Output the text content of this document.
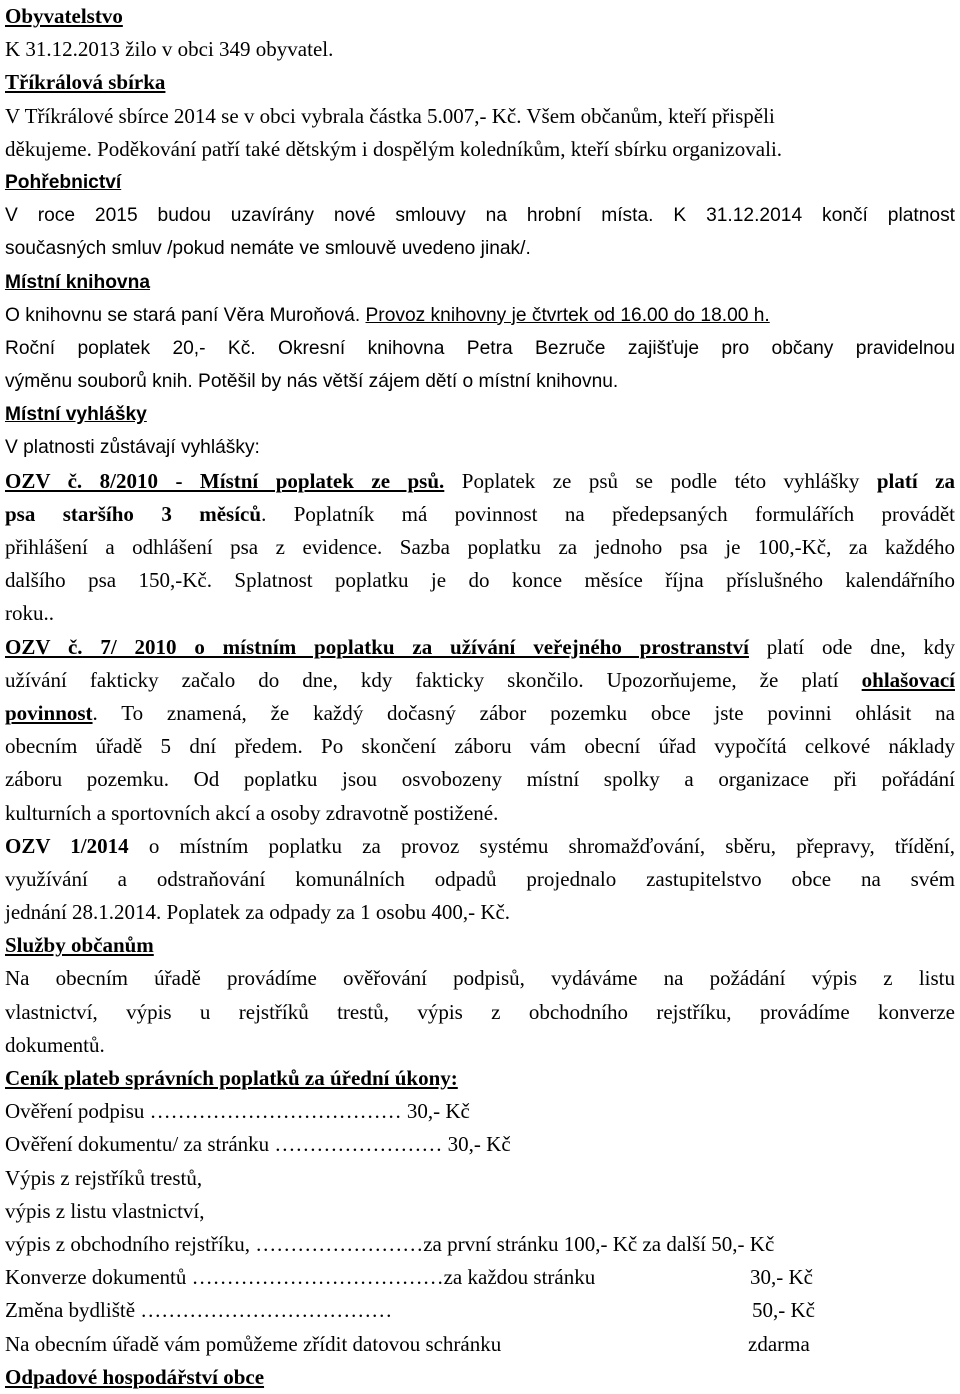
Obyvatelstvo
K 31.12.2013 žilo v obci 349 obyvatel.
Tříkrálová sbírka
V Tříkrálové sbírce 2014 se v obci vybrala částka 5.007,- Kč. Všem občanům, kteří přispěli
děkujeme. Poděkování patří také dětským i dospělým koledníkům, kteří sbírku organizovali.
Pohřebnictví
V roce 2015 budou uzavírány nové smlouvy na hrobní místa. K 31.12.2014 končí platnost
současných smluv /pokud nemáte ve smlouvě uvedeno jinak/.
Místní knihovna
O knihovnu se stará paní Věra Muroňová. Provoz knihovny je čtvrtek od 16.00 do 18.00 h.
Roční poplatek 20,- Kč. Okresní knihovna Petra Bezruče zajišťuje pro občany pravidelnou
výměnu souborů knih. Potěšil by nás větší zájem dětí o místní knihovnu.
Místní vyhlášky
V platnosti zůstávají vyhlášky:
OZV č. 8/2010 - Místní poplatek ze psů. Poplatek ze psů se podle této vyhlášky platí za
psa staršího 3 měsíců. Poplatník má povinnost na předepsaných formulářích provádět
přihlášení a odhlášení psa z evidence. Sazba poplatku za jednoho psa je 100,-Kč, za každého
dalšího psa 150,-Kč. Splatnost poplatku je do konce měsíce října příslušného kalendářního
roku..
OZV č. 7/ 2010 o místním poplatku za užívání veřejného prostranství platí ode dne, kdy
užívání fakticky začalo do dne, kdy fakticky skončilo. Upozorňujeme, že platí ohlašovací
povinnost. To znamená, že každý dočasný zábor pozemku obce jste povinni ohlásit na
obecním úřadě 5 dní předem. Po skončení záboru vám obecní úřad vypočítá celkové náklady
záboru pozemku. Od poplatku jsou osvobozeny místní spolky a organizace při pořádání
kulturních a sportovních akcí a osoby zdravotně postižené.
OZV 1/2014 o místním poplatku za provoz systému shromažďování, sběru, přepravy, třídění,
využívání a odstraňování komunálních odpadů projednalo zastupitelstvo obce na svém
jednání 28.1.2014. Poplatek za odpady za 1 osobu 400,- Kč.
Služby občanům
Na obecním úřadě provádíme ověřování podpisů, vydáváme na požádání výpis z listu
vlastnictví, výpis u rejstříků trestů, výpis z obchodního rejstříku, provádíme konverze
dokumentů.
Ceník plateb správních poplatků za úřední úkony:
Ověření podpisu ……………………………… 30,- Kč
Ověření dokumentu/ za stránku …………………… 30,- Kč
Výpis z rejstříků trestů,
výpis z listu vlastnictví,
výpis z obchodního rejstříku, ……………………za první stránku 100,- Kč za další 50,- Kč
Konverze dokumentů ………………………………za každou stránku	30,- Kč
Změna bydliště ………………………………	50,- Kč
Na obecním úřadě vám pomůžeme zřídit datovou schránku	zdarma
Odpadové hospodářství obce
